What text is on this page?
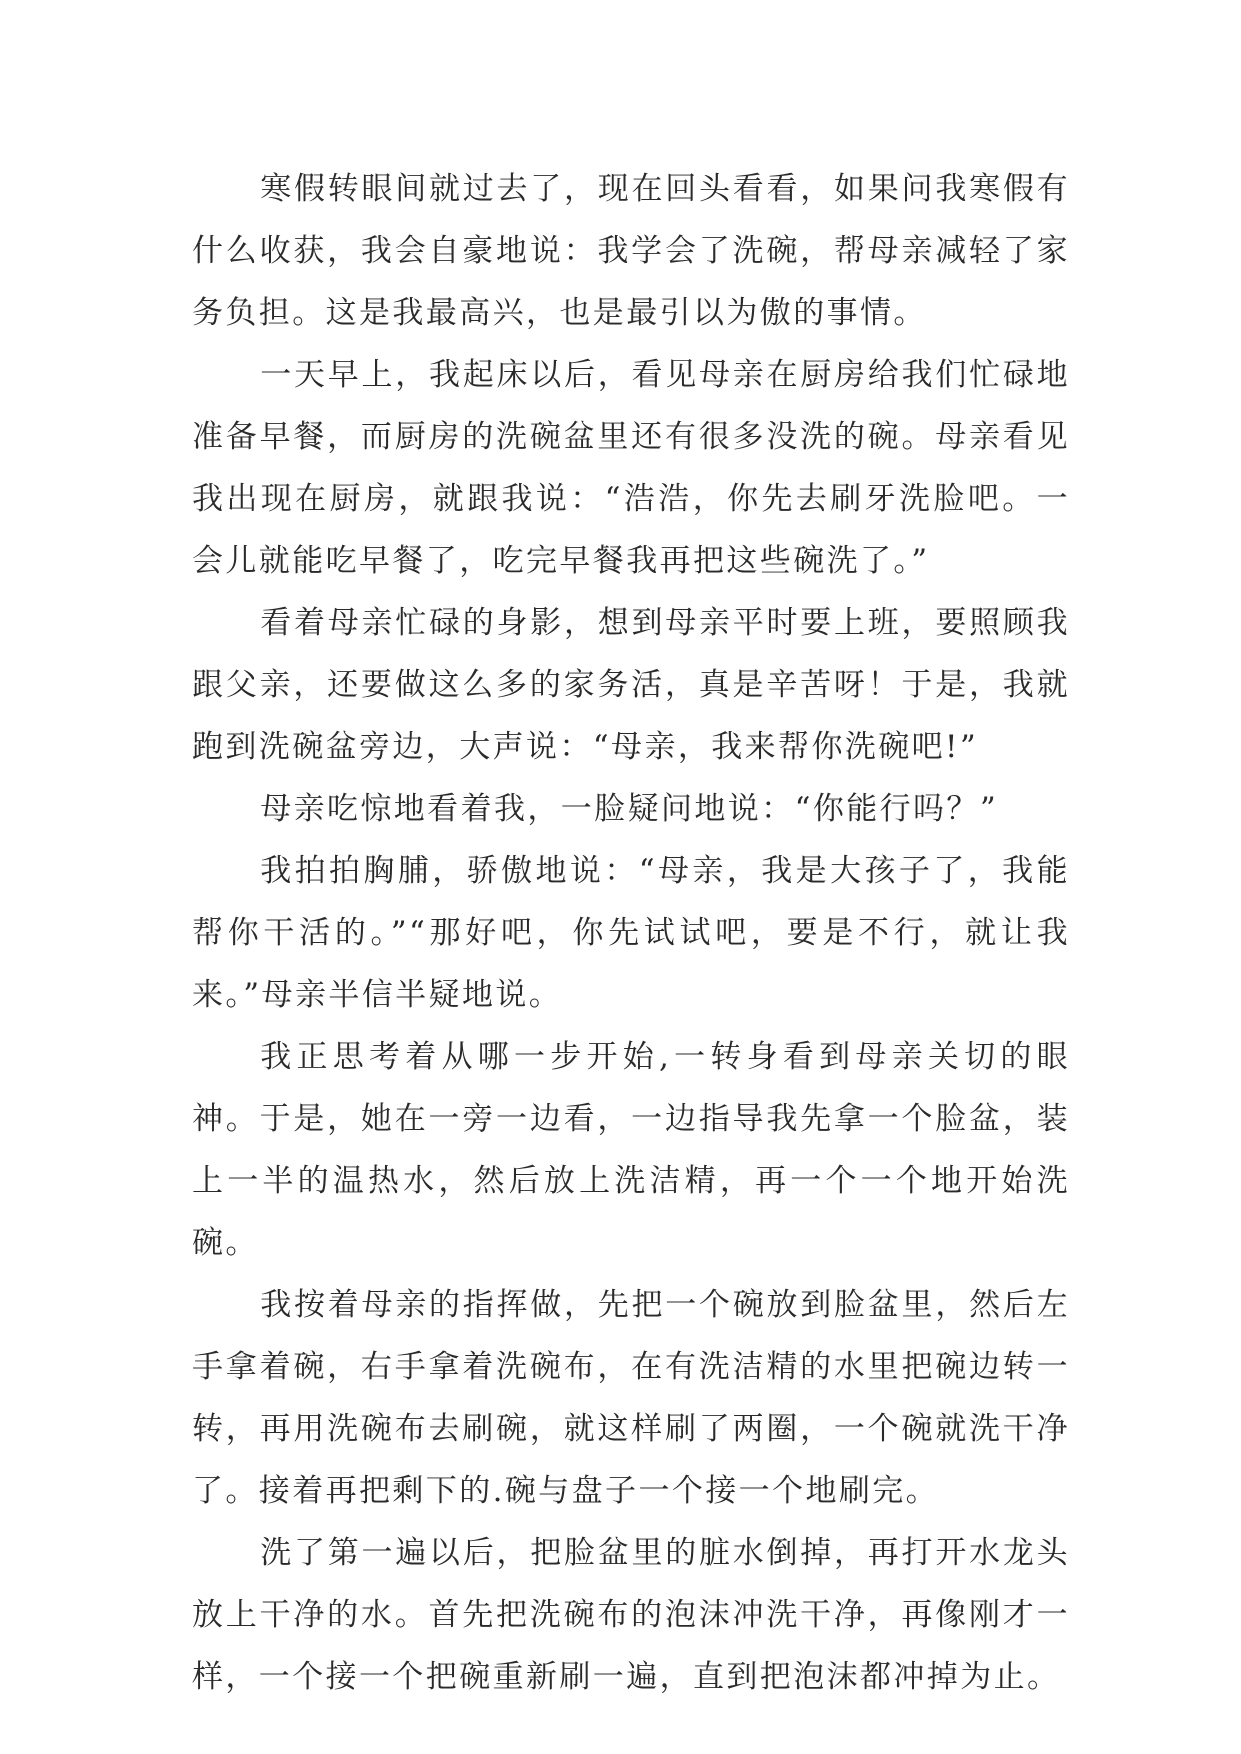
寒假转眼间就过去了，现在回头看看，如果问我寒假有什么收获，我会自豪地说：我学会了洗碗，帮母亲减轻了家务负担。这是我最高兴，也是最引以为傲的事情。

一天早上，我起床以后，看见母亲在厨房给我们忙碌地准备早餐，而厨房的洗碗盆里还有很多没洗的碗。母亲看见我出现在厨房，就跟我说：“浩浩，你先去刷牙洗脸吧。一会儿就能吃早餐了，吃完早餐我再把这些碗洗了。”

看着母亲忙碌的身影，想到母亲平时要上班，要照顾我跟父亲，还要做这么多的家务活，真是辛苦呀！于是，我就跑到洗碗盆旁边，大声说：“母亲，我来帮你洗碗吧!”

母亲吃惊地看着我，一脸疑问地说：“你能行吗？”

我拍拍胸脯，骄傲地说：“母亲，我是大孩子了，我能帮你干活的。”“那好吧，你先试试吧，要是不行，就让我来。”母亲半信半疑地说。

我正思考着从哪一步开始,一转身看到母亲关切的眼神。于是，她在一旁一边看，一边指导我先拿一个脸盆，装上一半的温热水，然后放上洗洁精，再一个一个地开始洗碗。

我按着母亲的指挥做，先把一个碗放到脸盆里，然后左手拿着碗，右手拿着洗碗布，在有洗洁精的水里把碗边转一转，再用洗碗布去刷碗，就这样刷了两圈，一个碗就洗干净了。接着再把剩下的.碗与盘子一个接一个地刷完。

洗了第一遍以后，把脸盆里的脏水倒掉，再打开水龙头放上干净的水。首先把洗碗布的泡沫冲洗干净，再像刚才一样，一个接一个把碗重新刷一遍，直到把泡沫都冲掉为止。
